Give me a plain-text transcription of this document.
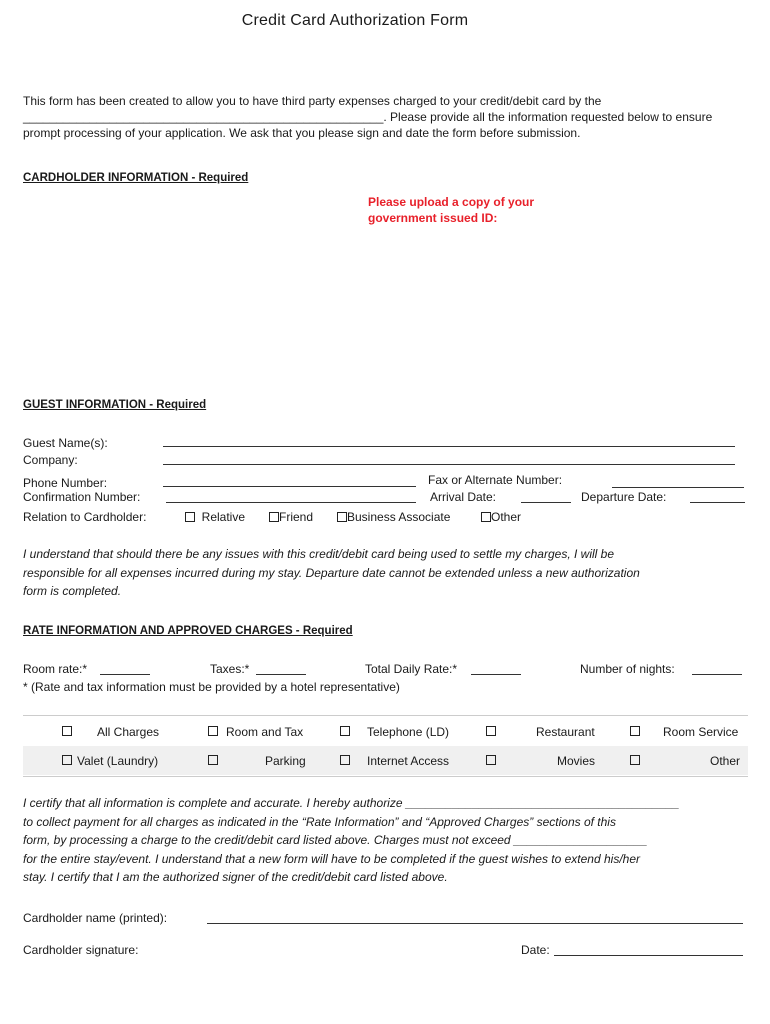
Credit Card Authorization Form
This form has been created to allow you to have third party expenses charged to your credit/debit card by the
______________________________________________________. Please provide all the information requested below to ensure
prompt processing of your application. We ask that you please sign and date the form before submission.
CARDHOLDER INFORMATION - Required
Please upload a copy of your government issued ID:
GUEST INFORMATION - Required
Guest Name(s):
Company:
Phone Number:	Fax or Alternate Number:
Confirmation Number:	Arrival Date:	Departure Date:
Relation to Cardholder:	Relative	Friend	Business Associate	Other
I understand that should there be any issues with this credit/debit card being used to settle my charges, I will be
responsible for all expenses incurred during my stay. Departure date cannot be extended unless a new authorization
form is completed.
RATE INFORMATION AND APPROVED CHARGES - Required
Room rate:*	Taxes:*	Total Daily Rate:*	Number of nights:
* (Rate and tax information must be provided by a hotel representative)
All Charges	Room and Tax	Telephone (LD)	Restaurant	Room Service
Valet (Laundry)	Parking	Internet Access	Movies	Other
I certify that all information is complete and accurate. I hereby authorize _________________________________________
to collect payment for all charges as indicated in the “Rate Information” and “Approved Charges” sections of this
form, by processing a charge to the credit/debit card listed above. Charges must not exceed ____________________
for the entire stay/event. I understand that a new form will have to be completed if the guest wishes to extend his/her
stay. I certify that I am the authorized signer of the credit/debit card listed above.
Cardholder name (printed):
Cardholder signature:	Date:
